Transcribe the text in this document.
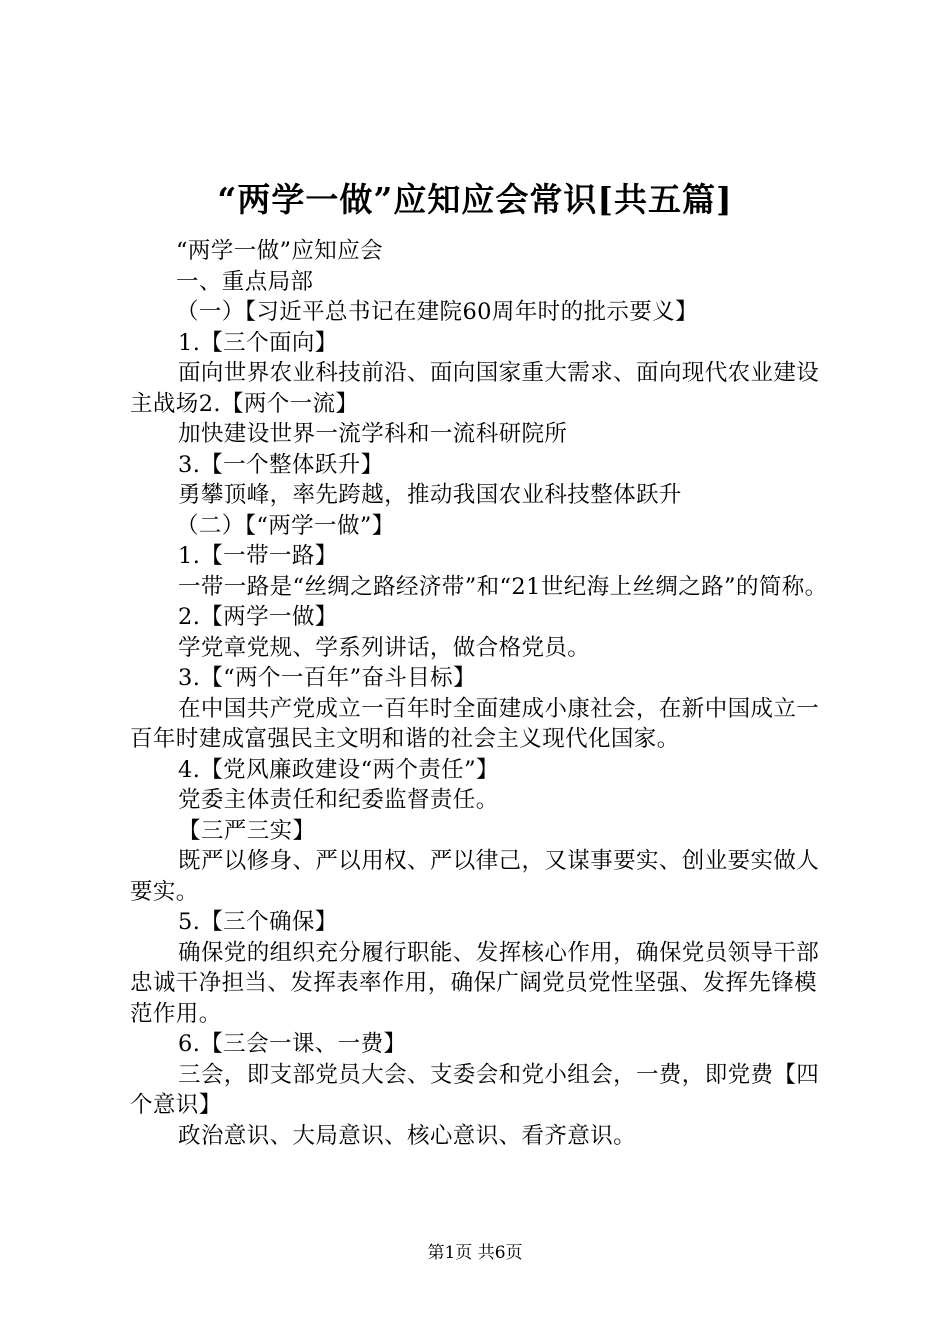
“两学一做”应知应会常识[共五篇]

“两学一做”应知应会

一、重点局部

（一）【习近平总书记在建院60周年时的批示要义】

1.【三个面向】

面向世界农业科技前沿、面向国家重大需求、面向现代农业建设主战场2.【两个一流】

加快建设世界一流学科和一流科研院所

3.【一个整体跃升】

勇攀顶峰，率先跨越，推动我国农业科技整体跃升

（二）【“两学一做”】

1.【一带一路】

一带一路是“丝绸之路经济带”和“21世纪海上丝绸之路”的简称。

2.【两学一做】

学党章党规、学系列讲话，做合格党员。

3.【“两个一百年”奋斗目标】

在中国共产党成立一百年时全面建成小康社会，在新中国成立一百年时建成富强民主文明和谐的社会主义现代化国家。

4.【党风廉政建设“两个责任”】

党委主体责任和纪委监督责任。

【三严三实】

既严以修身、严以用权、严以律己，又谋事要实、创业要实做人要实。

5.【三个确保】

确保党的组织充分履行职能、发挥核心作用，确保党员领导干部忠诚干净担当、发挥表率作用，确保广阔党员党性坚强、发挥先锋模范作用。

6.【三会一课、一费】

三会，即支部党员大会、支委会和党小组会，一费，即党费【四个意识】

政治意识、大局意识、核心意识、看齐意识。

第1页 共6页
